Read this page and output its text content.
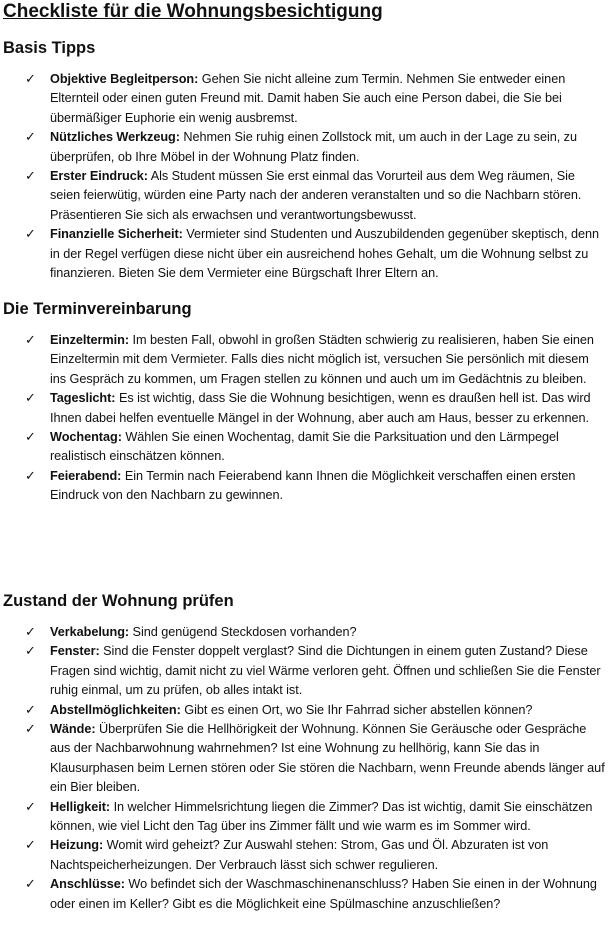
Checkliste für die Wohnungsbesichtigung
Basis Tipps
✓	Objektive Begleitperson: Gehen Sie nicht alleine zum Termin. Nehmen Sie entweder einen Elternteil oder einen guten Freund mit. Damit haben Sie auch eine Person dabei, die Sie bei übermäßiger Euphorie ein wenig ausbremst.
✓	Nützliches Werkzeug: Nehmen Sie ruhig einen Zollstock mit, um auch in der Lage zu sein, zu überprüfen, ob Ihre Möbel in der Wohnung Platz finden.
✓	Erster Eindruck: Als Student müssen Sie erst einmal das Vorurteil aus dem Weg räumen, Sie seien feierwütig, würden eine Party nach der anderen veranstalten und so die Nachbarn stören. Präsentieren Sie sich als erwachsen und verantwortungsbewusst.
✓	Finanzielle Sicherheit: Vermieter sind Studenten und Auszubildenden gegenüber skeptisch, denn in der Regel verfügen diese nicht über ein ausreichend hohes Gehalt, um die Wohnung selbst zu finanzieren. Bieten Sie dem Vermieter eine Bürgschaft Ihrer Eltern an.
Die Terminvereinbarung
✓	Einzeltermin: Im besten Fall, obwohl in großen Städten schwierig zu realisieren, haben Sie einen Einzeltermin mit dem Vermieter. Falls dies nicht möglich ist, versuchen Sie persönlich mit diesem ins Gespräch zu kommen, um Fragen stellen zu können und auch um im Gedächtnis zu bleiben.
✓	Tageslicht: Es ist wichtig, dass Sie die Wohnung besichtigen, wenn es draußen hell ist. Das wird Ihnen dabei helfen eventuelle Mängel in der Wohnung, aber auch am Haus, besser zu erkennen.
✓	Wochentag: Wählen Sie einen Wochentag, damit Sie die Parksituation und den Lärmpegel realistisch einschätzen können.
✓	Feierabend: Ein Termin nach Feierabend kann Ihnen die Möglichkeit verschaffen einen ersten Eindruck von den Nachbarn zu gewinnen.
Zustand der Wohnung prüfen
✓	Verkabelung: Sind genügend Steckdosen vorhanden?
✓	Fenster: Sind die Fenster doppelt verglast? Sind die Dichtungen in einem guten Zustand? Diese Fragen sind wichtig, damit nicht zu viel Wärme verloren geht. Öffnen und schließen Sie die Fenster ruhig einmal, um zu prüfen, ob alles intakt ist.
✓	Abstellmöglichkeiten: Gibt es einen Ort, wo Sie Ihr Fahrrad sicher abstellen können?
✓	Wände: Überprüfen Sie die Hellhörigkeit der Wohnung. Können Sie Geräusche oder Gespräche aus der Nachbarwohnung wahrnehmen? Ist eine Wohnung zu hellhörig, kann Sie das in Klausurphasen beim Lernen stören oder Sie stören die Nachbarn, wenn Freunde abends länger auf ein Bier bleiben.
✓	Helligkeit: In welcher Himmelsrichtung liegen die Zimmer? Das ist wichtig, damit Sie einschätzen können, wie viel Licht den Tag über ins Zimmer fällt und wie warm es im Sommer wird.
✓	Heizung: Womit wird geheizt? Zur Auswahl stehen: Strom, Gas und Öl. Abzuraten ist von Nachtspeicherheizungen. Der Verbrauch lässt sich schwer regulieren.
✓	Anschlüsse: Wo befindet sich der Waschmaschinenanschluss? Haben Sie einen in der Wohnung oder einen im Keller? Gibt es die Möglichkeit eine Spülmaschine anzuschließen?
